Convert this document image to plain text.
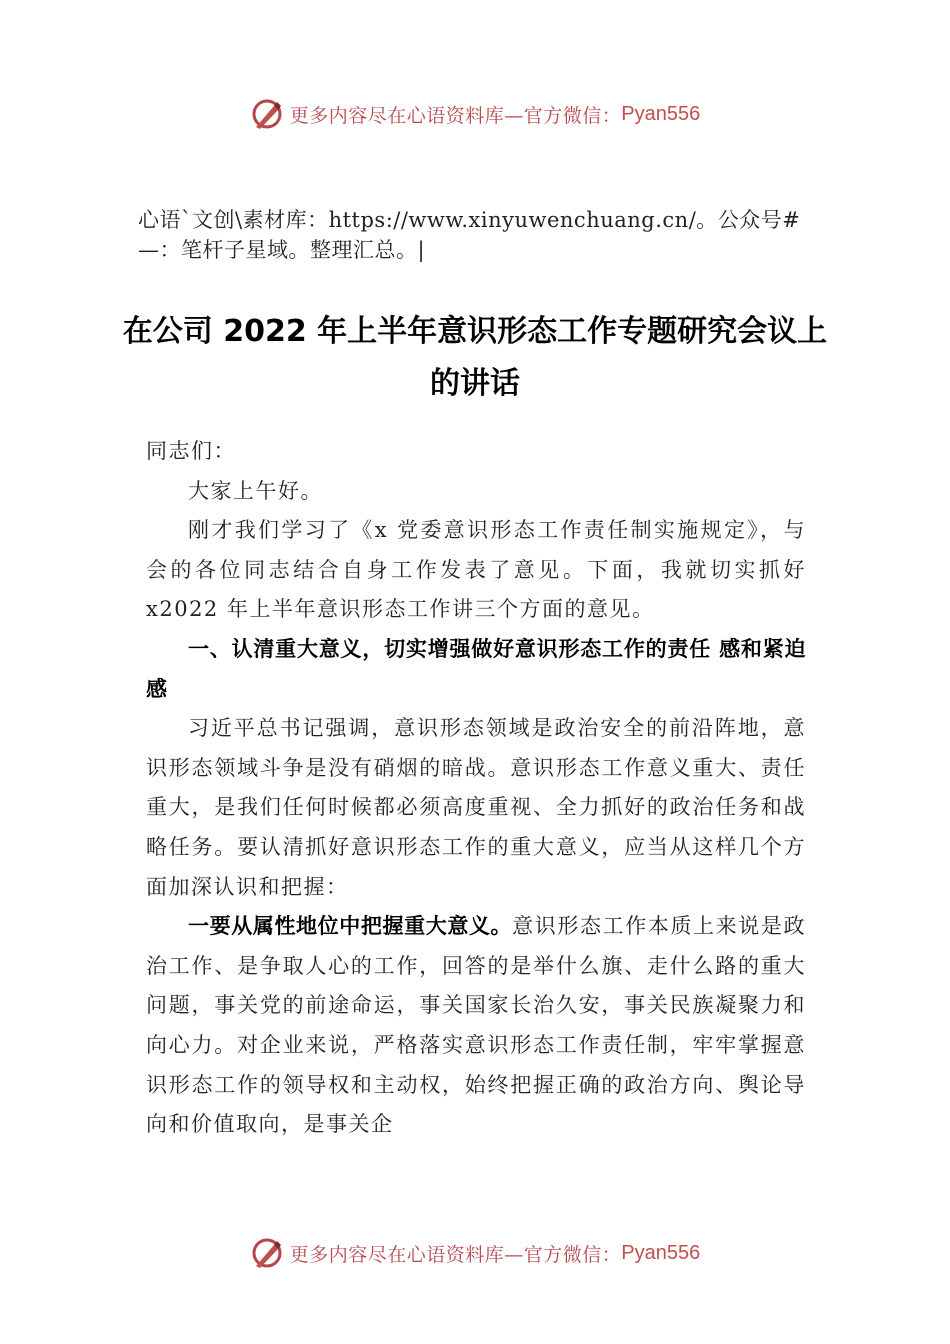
更多内容尽在心语资料库—官方微信： Pyan556
心语`文创\素材库：https://www.xinyuwenchuang.cn/。公众号#—：笔杆子星域。整理汇总。|
在公司 2022 年上半年意识形态工作专题研究会议上的讲话

同志们：

大家上午好。

刚才我们学习了《x 党委意识形态工作责任制实施规定》，与会的各位同志结合自身工作发表了意见。下面，我就切实抓好 x2022 年上半年意识形态工作讲三个方面的意见。

一、认清重大意义，切实增强做好意识形态工作的责任 感和紧迫感

习近平总书记强调，意识形态领域是政治安全的前沿阵地，意识形态领域斗争是没有硝烟的暗战。意识形态工作意义重大、责任重大，是我们任何时候都必须高度重视、全力抓好的政治任务和战略任务。要认清抓好意识形态工作的重大意义，应当从这样几个方面加深认识和把握：

一要从属性地位中把握重大意义。意识形态工作本质上来说是政治工作、是争取人心的工作，回答的是举什么旗、走什么路的重大问题，事关党的前途命运，事关国家长治久安，事关民族凝聚力和向心力。对企业来说，严格落实意识形态工作责任制，牢牢掌握意识形态工作的领导权和主动权，始终把握正确的政治方向、舆论导向和价值取向，是事关企

更多内容尽在心语资料库—官方微信： Pyan556
